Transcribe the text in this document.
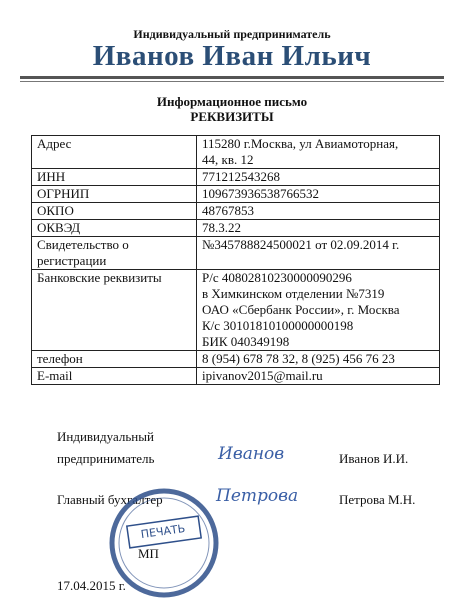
Индивидуальный предприниматель
Иванов Иван Ильич
Информационное письмо
РЕКВИЗИТЫ
Адрес	115280 г.Москва, ул Авиамоторная,
44, кв. 12

ИНН	771212543268

ОГРНИП	109673936538766532

ОКПО	48767853

ОКВЭД	78.3.22

Свидетельство о регистрации	№345788824500021 от 02.09.2014 г.

Банковские реквизиты	Р/с 40802810230000090296
в Химкинском отделении №7319
ОАО «Сбербанк России», г. Москва
К/с 30101810100000000198
БИК 040349198

телефон	8 (954) 678 78 32, 8 (925) 456 76 23

E-mail	ipivanov2015@mail.ru
Индивидуальный
предприниматель	Иванов	Иванов И.И.
Главный бухгалтер	Петрова	Петрова М.Н.
ПЕЧАТЬ
МП
17.04.2015 г.
